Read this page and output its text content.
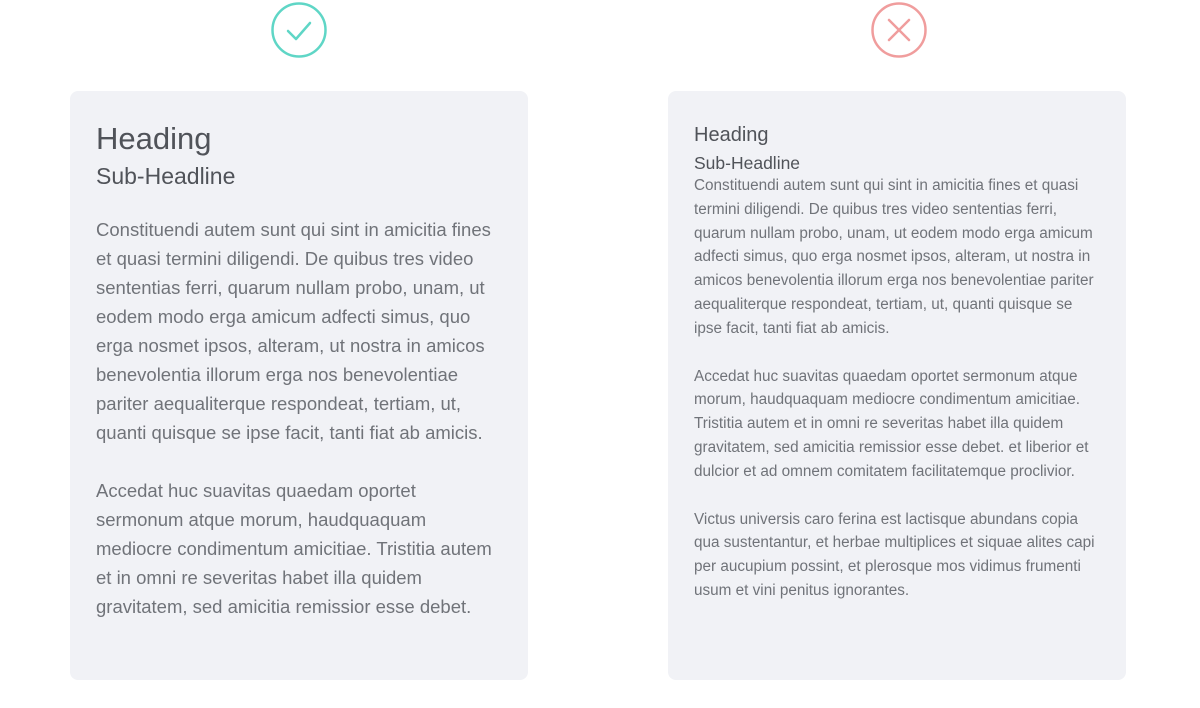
Heading
Sub-Headline

Constituendi autem sunt qui sint in amicitia fines et quasi termini diligendi. De quibus tres video sententias ferri, quarum nullam probo, unam, ut eodem modo erga amicum adfecti simus, quo erga nosmet ipsos, alteram, ut nostra in amicos benevolentia illorum erga nos benevolentiae pariter aequaliterque respondeat, tertiam, ut, quanti quisque se ipse facit, tanti fiat ab amicis.

Accedat huc suavitas quaedam oportet sermonum atque morum, haudquaquam mediocre condimentum amicitiae. Tristitia autem et in omni re severitas habet illa quidem gravitatem, sed amicitia remissior esse debet.

Heading
Sub-Headline

Constituendi autem sunt qui sint in amicitia fines et quasi termini diligendi. De quibus tres video sententias ferri, quarum nullam probo, unam, ut eodem modo erga amicum adfecti simus, quo erga nosmet ipsos, alteram, ut nostra in amicos benevolentia illorum erga nos benevolentiae pariter aequaliterque respondeat, tertiam, ut, quanti quisque se ipse facit, tanti fiat ab amicis.

Accedat huc suavitas quaedam oportet sermonum atque morum, haudquaquam mediocre condimentum amicitiae. Tristitia autem et in omni re severitas habet illa quidem gravitatem, sed amicitia remissior esse debet. et liberior et dulcior et ad omnem comitatem facilitatemque proclivior.

Victus universis caro ferina est lactisque abundans copia qua sustentantur, et herbae multiplices et siquae alites capi per aucupium possint, et plerosque mos vidimus frumenti usum et vini penitus ignorantes.
